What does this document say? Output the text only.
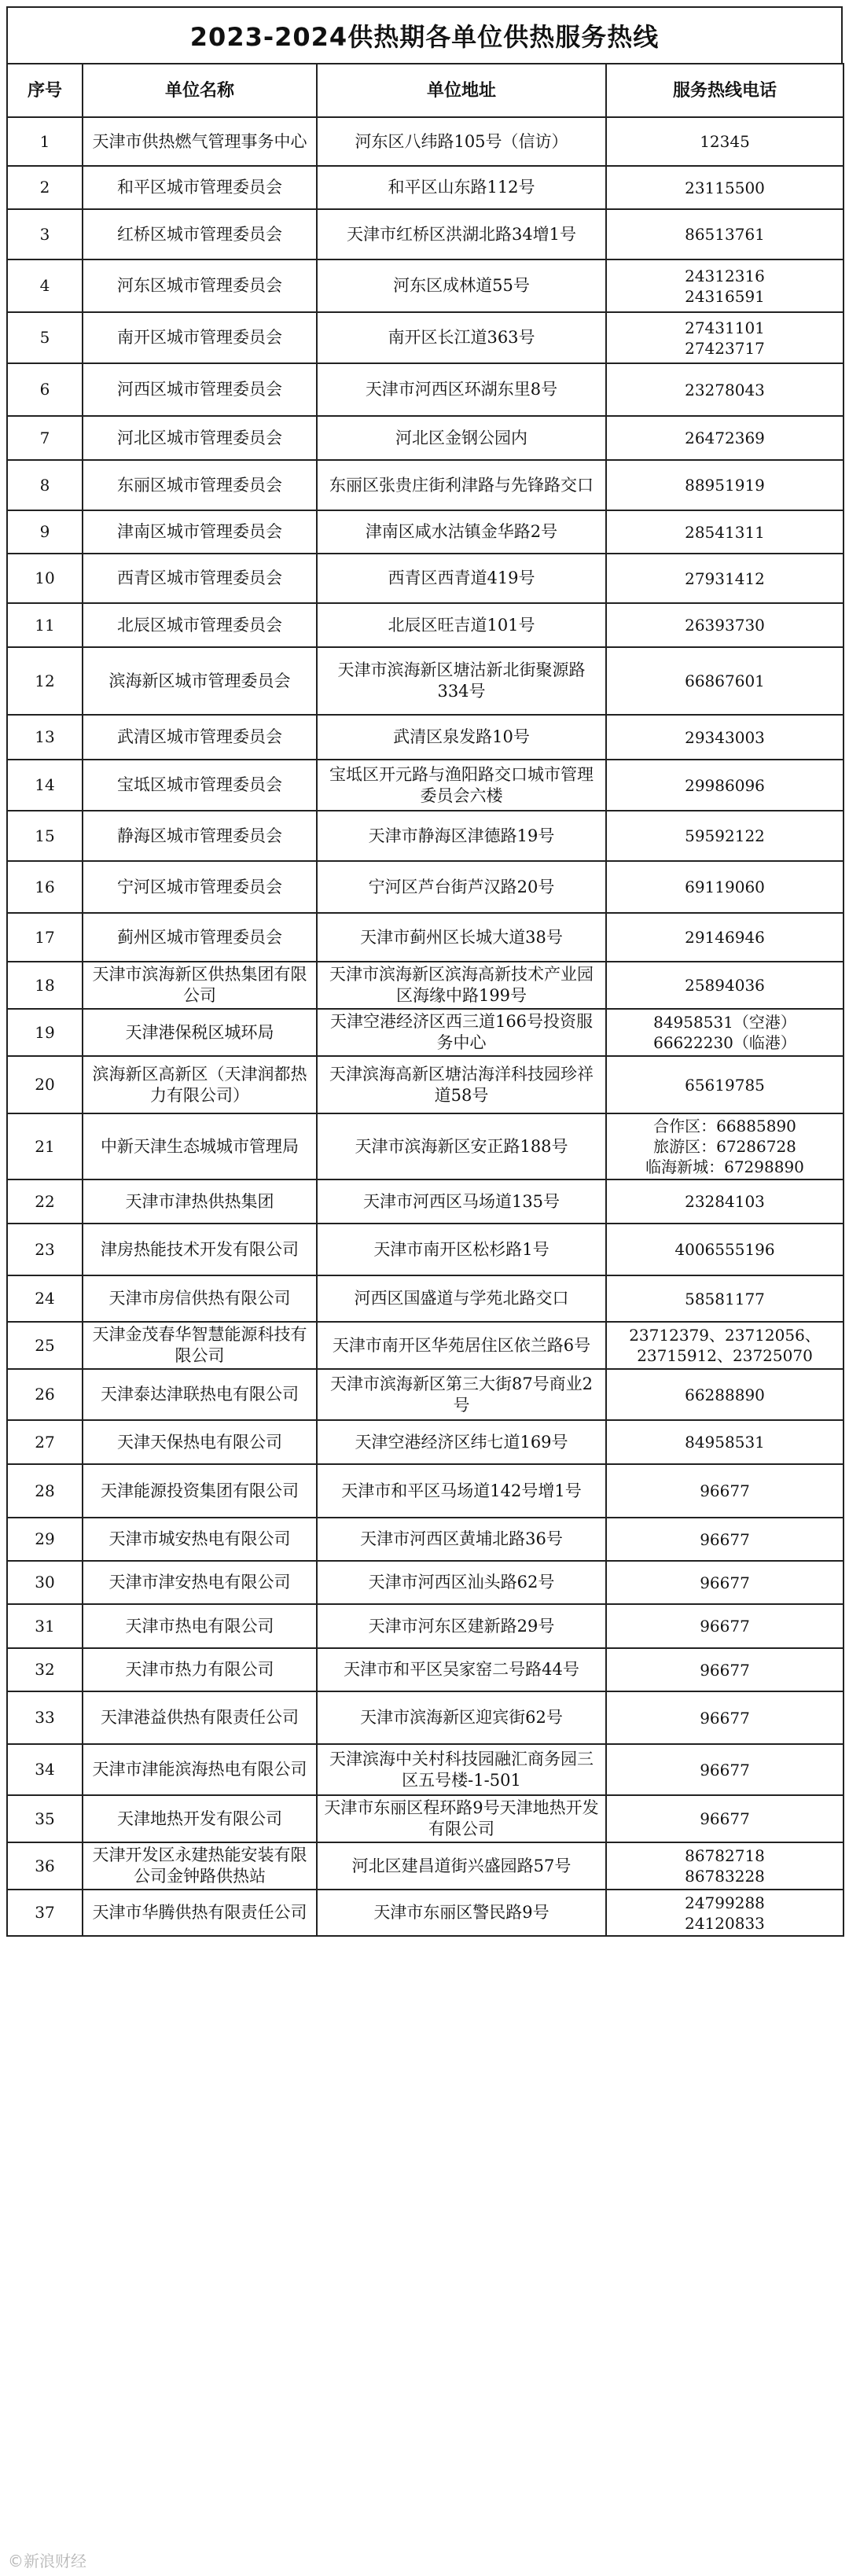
2023-2024供热期各单位供热服务热线
序号	单位名称	单位地址	服务热线电话
1	天津市供热燃气管理事务中心	河东区八纬路105号（信访）	12345

2	和平区城市管理委员会	和平区山东路112号	23115500

3	红桥区城市管理委员会	天津市红桥区洪湖北路34增1号	86513761

4	河东区城市管理委员会	河东区成林道55号	24312316
24316591

5	南开区城市管理委员会	南开区长江道363号	27431101
27423717

6	河西区城市管理委员会	天津市河西区环湖东里8号	23278043

7	河北区城市管理委员会	河北区金钢公园内	26472369

8	东丽区城市管理委员会	东丽区张贵庄街利津路与先锋路交口	88951919

9	津南区城市管理委员会	津南区咸水沽镇金华路2号	28541311

10	西青区城市管理委员会	西青区西青道419号	27931412

11	北辰区城市管理委员会	北辰区旺吉道101号	26393730

12	滨海新区城市管理委员会	天津市滨海新区塘沽新北街聚源路334号	66867601

13	武清区城市管理委员会	武清区泉发路10号	29343003

14	宝坻区城市管理委员会	宝坻区开元路与渔阳路交口城市管理委员会六楼	29986096

15	静海区城市管理委员会	天津市静海区津德路19号	59592122

16	宁河区城市管理委员会	宁河区芦台街芦汉路20号	69119060

17	蓟州区城市管理委员会	天津市蓟州区长城大道38号	29146946

18	天津市滨海新区供热集团有限公司	天津市滨海新区滨海高新技术产业园区海缘中路199号	25894036

19	天津港保税区城环局	天津空港经济区西三道166号投资服务中心	84958531（空港）
66622230（临港）

20	滨海新区高新区（天津润都热力有限公司）	天津滨海高新区塘沽海洋科技园珍祥道58号	65619785

21	中新天津生态城城市管理局	天津市滨海新区安正路188号	合作区：66885890
旅游区：67286728
临海新城：67298890

22	天津市津热供热集团	天津市河西区马场道135号	23284103

23	津房热能技术开发有限公司	天津市南开区松杉路1号	4006555196

24	天津市房信供热有限公司	河西区国盛道与学苑北路交口	58581177

25	天津金茂春华智慧能源科技有限公司	天津市南开区华苑居住区依兰路6号	23712379、23712056、
23715912、23725070

26	天津泰达津联热电有限公司	天津市滨海新区第三大街87号商业2号	66288890

27	天津天保热电有限公司	天津空港经济区纬七道169号	84958531

28	天津能源投资集团有限公司	天津市和平区马场道142号增1号	96677

29	天津市城安热电有限公司	天津市河西区黄埔北路36号	96677

30	天津市津安热电有限公司	天津市河西区汕头路62号	96677

31	天津市热电有限公司	天津市河东区建新路29号	96677

32	天津市热力有限公司	天津市和平区吴家窑二号路44号	96677

33	天津港益供热有限责任公司	天津市滨海新区迎宾街62号	96677

34	天津市津能滨海热电有限公司	天津滨海中关村科技园融汇商务园三区五号楼-1-501	96677

35	天津地热开发有限公司	天津市东丽区程环路9号天津地热开发有限公司	96677

36	天津开发区永建热能安装有限公司金钟路供热站	河北区建昌道街兴盛园路57号	86782718
86783228

37	天津市华腾供热有限责任公司	天津市东丽区警民路9号	24799288
24120833
©新浪财经
